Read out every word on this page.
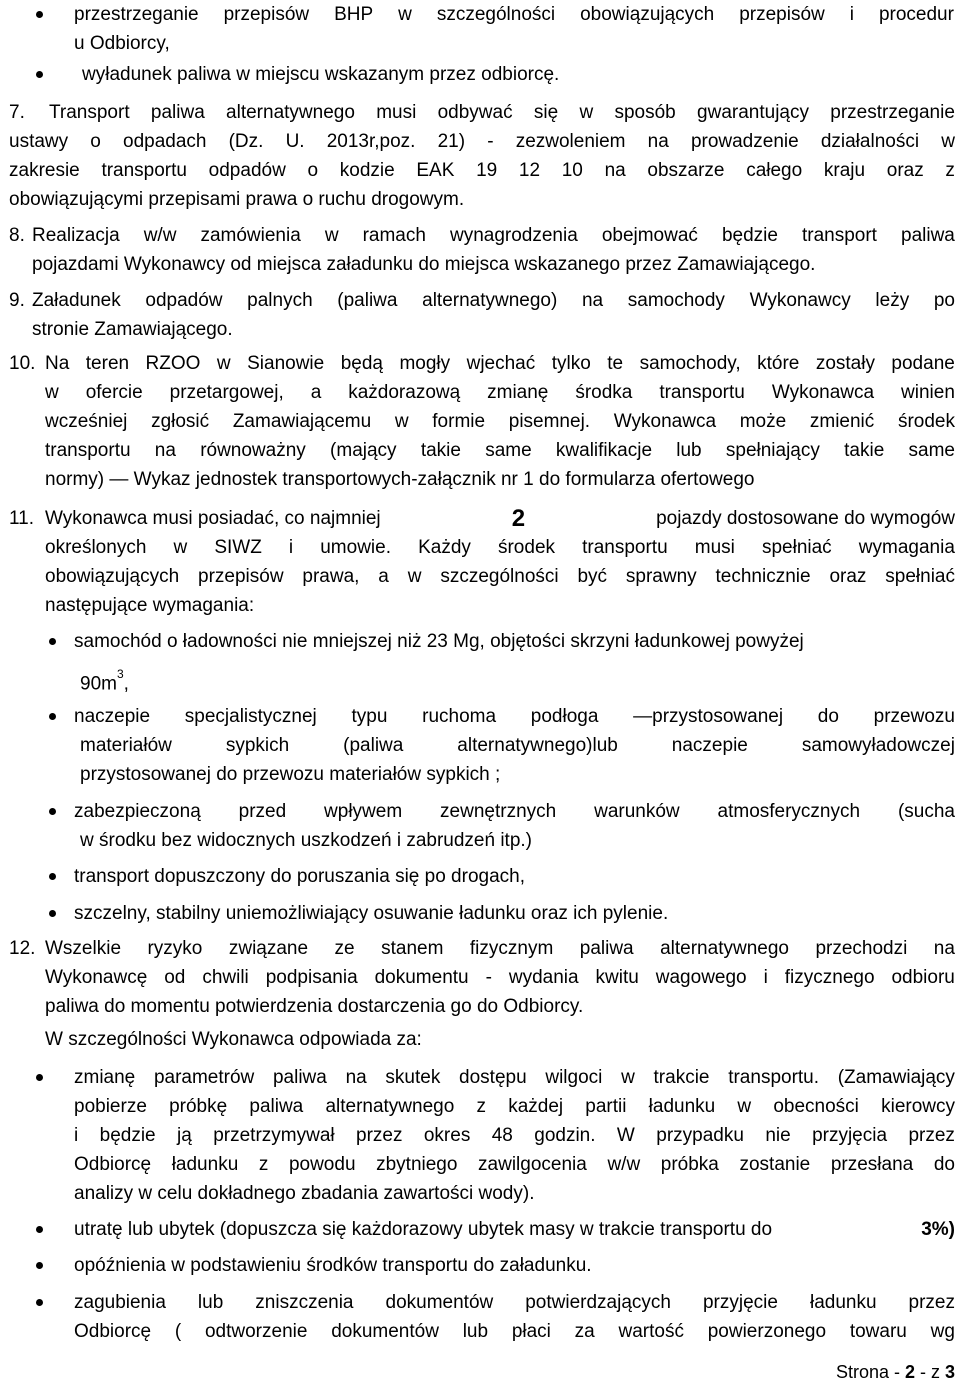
przestrzeganie przepisów BHP w szczególności obowiązujących przepisów i procedur
u Odbiorcy,
wyładunek paliwa w miejscu wskazanym przez odbiorcę.
7. Transport paliwa alternatywnego musi odbywać się w sposób gwarantujący przestrzeganie
ustawy o odpadach (Dz. U. 2013r,poz. 21) - zezwoleniem na prowadzenie działalności w
zakresie transportu odpadów o kodzie EAK 19 12 10 na obszarze całego kraju oraz z
obowiązującymi przepisami prawa o ruchu drogowym.
8. Realizacja w/w zamówienia w ramach wynagrodzenia obejmować będzie transport paliwa
pojazdami Wykonawcy od miejsca załadunku do miejsca wskazanego przez Zamawiającego.
9. Załadunek odpadów palnych (paliwa alternatywnego) na samochody Wykonawcy leży po
stronie Zamawiającego.
10. Na teren RZOO w Sianowie będą mogły wjechać tylko te samochody, które zostały podane
w ofercie przetargowej, a każdorazową zmianę środka transportu Wykonawca winien
wcześniej zgłosić Zamawiającemu w formie pisemnej. Wykonawca może zmienić środek
transportu na równoważny (mający takie same kwalifikacje lub spełniający takie same
normy) — Wykaz jednostek transportowych-załącznik nr 1 do formularza ofertowego
11. Wykonawca musi posiadać, co najmniej	2	pojazdy dostosowane do wymogów
określonych w SIWZ i umowie. Każdy środek transportu musi spełniać wymagania
obowiązujących przepisów prawa, a w szczególności być sprawny technicznie oraz spełniać
następujące wymagania:
samochód o ładowności nie mniejszej niż 23 Mg, objętości skrzyni ładunkowej powyżej
$90m^3$,
naczepie specjalistycznej typu ruchoma podłoga —przystosowanej do przewozu
materiałów	sypkich	(paliwa	alternatywnego)lub	naczepie	samowyładowczej
przystosowanej do przewozu materiałów sypkich ;
zabezpieczoną przed wpływem zewnętrznych warunków atmosferycznych (sucha
w środku bez widocznych uszkodzeń i zabrudzeń itp.)
transport dopuszczony do poruszania się po drogach,
szczelny, stabilny uniemożliwiający osuwanie ładunku oraz ich pylenie.
12. Wszelkie ryzyko związane ze stanem fizycznym paliwa alternatywnego przechodzi na
Wykonawcę od chwili podpisania dokumentu - wydania kwitu wagowego i fizycznego odbioru
paliwa do momentu potwierdzenia dostarczenia go do Odbiorcy.
W szczególności Wykonawca odpowiada za:
zmianę parametrów paliwa na skutek dostępu wilgoci w trakcie transportu. (Zamawiający
pobierze próbkę paliwa alternatywnego z każdej partii ładunku w obecności kierowcy
i będzie ją przetrzymywał przez okres 48 godzin. W przypadku nie przyjęcia przez
Odbiorcę ładunku z powodu zbytniego zawilgocenia w/w próbka zostanie przesłana do
analizy w celu dokładnego zbadania zawartości wody).
utratę lub ubytek (dopuszcza się każdorazowy ubytek masy w trakcie transportu do	3%)
opóźnienia w podstawieniu środków transportu do załadunku.
zagubienia lub zniszczenia dokumentów potwierdzających przyjęcie ładunku przez
Odbiorcę ( odtworzenie dokumentów lub płaci za wartość powierzonego towaru wg
Strona - 2 - z 3
